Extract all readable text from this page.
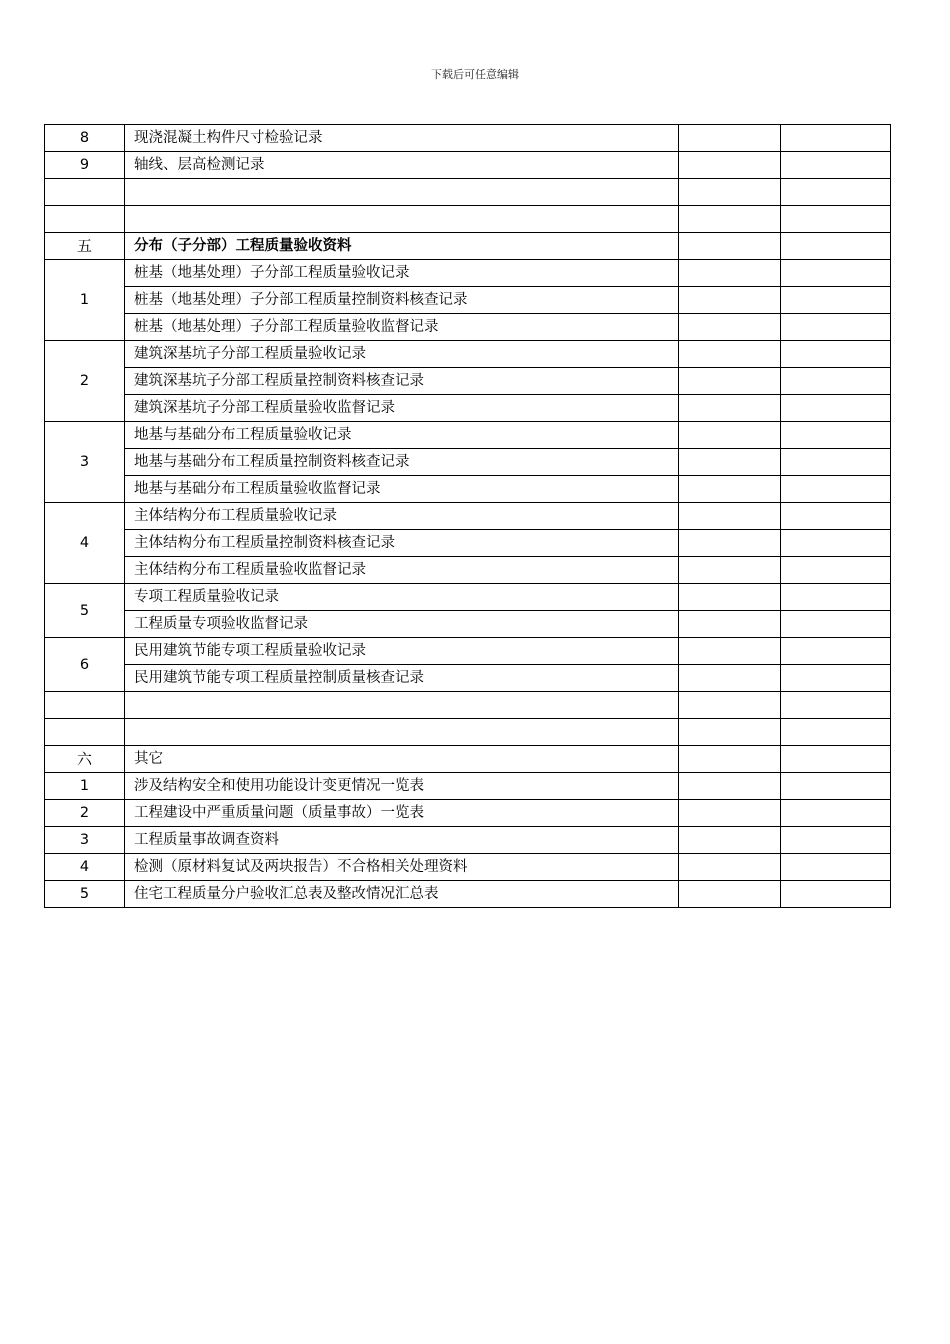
下载后可任意编辑
8	现浇混凝土构件尺寸检验记录		
9	轴线、层高检测记录		

五	分布（子分部）工程质量验收资料		
1	桩基（地基处理）子分部工程质量验收记录		
	桩基（地基处理）子分部工程质量控制资料核查记录		
	桩基（地基处理）子分部工程质量验收监督记录		
2	建筑深基坑子分部工程质量验收记录		
	建筑深基坑子分部工程质量控制资料核查记录		
	建筑深基坑子分部工程质量验收监督记录		
3	地基与基础分布工程质量验收记录		
	地基与基础分布工程质量控制资料核查记录		
	地基与基础分布工程质量验收监督记录		
4	主体结构分布工程质量验收记录		
	主体结构分布工程质量控制资料核查记录		
	主体结构分布工程质量验收监督记录		
5	专项工程质量验收记录		
	工程质量专项验收监督记录		
6	民用建筑节能专项工程质量验收记录		
	民用建筑节能专项工程质量控制质量核查记录		

六	其它		
1	涉及结构安全和使用功能设计变更情况一览表		
2	工程建设中严重质量问题（质量事故）一览表		
3	工程质量事故调查资料		
4	检测（原材料复试及两块报告）不合格相关处理资料		
5	住宅工程质量分户验收汇总表及整改情况汇总表		
